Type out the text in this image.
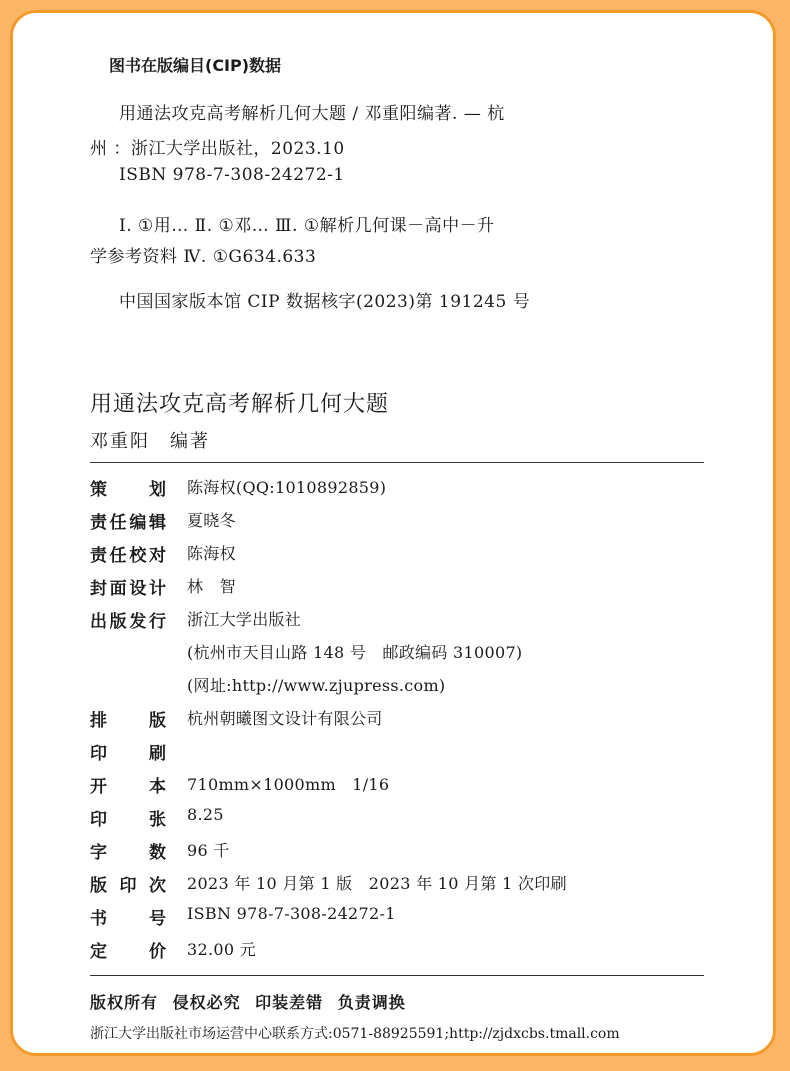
图书在版编目(CIP)数据
用通法攻克高考解析几何大题 / 邓重阳编著. — 杭
州 ：浙江大学出版社，2023.10
ISBN 978-7-308-24272-1
Ⅰ. ①用… Ⅱ. ①邓… Ⅲ. ①解析几何课－高中－升
学参考资料 Ⅳ. ①G634.633
中国国家版本馆 CIP 数据核字(2023)第 191245 号
用通法攻克高考解析几何大题
邓重阳　编著
策 划 陈海权(QQ:1010892859)
责 任 编 辑 夏晓冬
责 任 校 对 陈海权
封 面 设 计 林　智
出 版 发 行 浙江大学出版社
(杭州市天目山路 148 号　邮政编码 310007)
(网址:http://www.zjupress.com)
排 版 杭州朝曦图文设计有限公司
印 刷
开 本 710mm×1000mm　1/16
印 张 8.25
字 数 96 千
版 印 次 2023 年 10 月第 1 版　2023 年 10 月第 1 次印刷
书 号 ISBN 978-7-308-24272-1
定 价 32.00 元
版权所有 侵权必究 印装差错 负责调换
浙江大学出版社市场运营中心联系方式:0571-88925591;http://zjdxcbs.tmall.com
